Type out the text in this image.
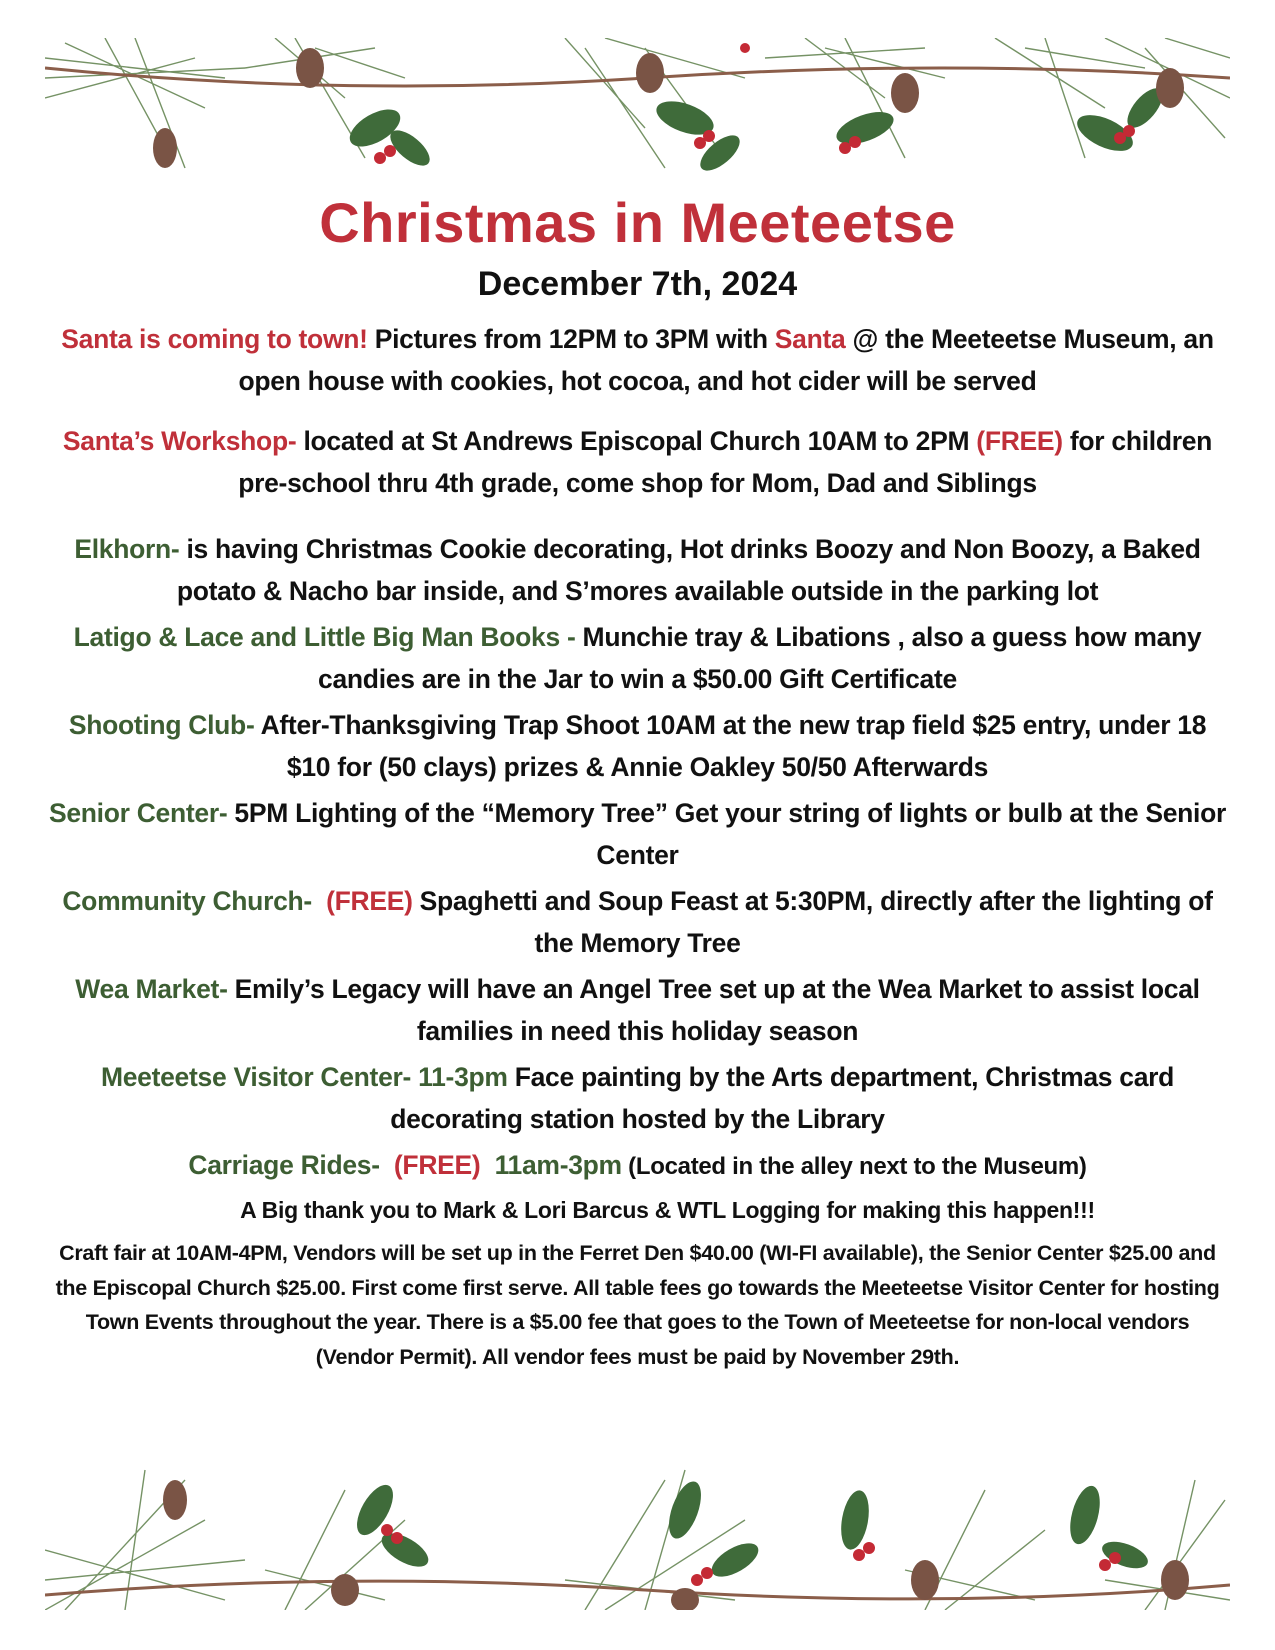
Christmas in Meeteetse
December 7th, 2024

Santa is coming to town! Pictures from 12PM to 3PM with Santa @ the Meeteetse Museum, an open house with cookies, hot cocoa, and hot cider will be served

Santa’s Workshop- located at St Andrews Episcopal Church 10AM to 2PM (FREE) for children pre-school thru 4th grade, come shop for Mom, Dad and Siblings

Elkhorn- is having Christmas Cookie decorating, Hot drinks Boozy and Non Boozy, a Baked potato & Nacho bar inside, and S’mores available outside in the parking lot

Latigo & Lace and Little Big Man Books - Munchie tray & Libations , also a guess how many candies are in the Jar to win a $50.00 Gift Certificate

Shooting Club- After-Thanksgiving Trap Shoot 10AM at the new trap field $25 entry, under 18 $10 for (50 clays) prizes & Annie Oakley 50/50 Afterwards

Senior Center- 5PM Lighting of the “Memory Tree” Get your string of lights or bulb at the Senior Center

Community Church- (FREE) Spaghetti and Soup Feast at 5:30PM, directly after the lighting of the Memory Tree

Wea Market- Emily’s Legacy will have an Angel Tree set up at the Wea Market to assist local families in need this holiday season

Meeteetse Visitor Center- 11-3pm Face painting by the Arts department, Christmas card decorating station hosted by the Library

Carriage Rides- (FREE) 11am-3pm (Located in the alley next to the Museum)

A Big thank you to Mark & Lori Barcus & WTL Logging for making this happen!!!

Craft fair at 10AM-4PM, Vendors will be set up in the Ferret Den $40.00 (WI-FI available), the Senior Center $25.00 and the Episcopal Church $25.00. First come first serve. All table fees go towards the Meeteetse Visitor Center for hosting Town Events throughout the year. There is a $5.00 fee that goes to the Town of Meeteetse for non-local vendors (Vendor Permit). All vendor fees must be paid by November 29th.
